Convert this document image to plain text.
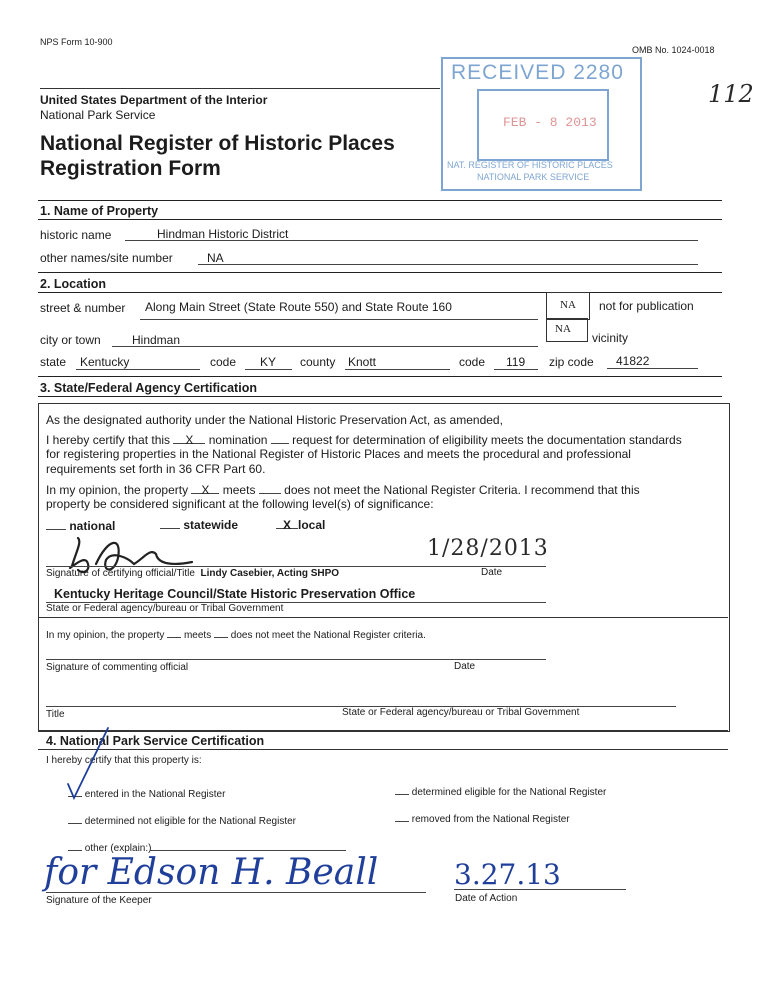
NPS Form 10-900
OMB No. 1024-0018
112
United States Department of the Interior
National Park Service
National Register of Historic Places
Registration Form
RECEIVED 2280
FEB - 8 2013
NAT. REGISTER OF HISTORIC PLACES
NATIONAL PARK SERVICE
1. Name of Property
historic name	Hindman Historic District
other names/site number	NA
2. Location
street & number Along Main Street (State Route 550) and State Route 160	NA	not for publication
city or town	Hindman
NA
vicinity
state Kentucky	code KY county Knott	code 119 zip code 41822
3. State/Federal Agency Certification
As the designated authority under the National Historic Preservation Act, as amended,
I hereby certify that this X nomination request for determination of eligibility meets the documentation standards
for registering properties in the National Register of Historic Places and meets the procedural and professional
requirements set forth in 36 CFR Part 60.
In my opinion, the property X meets does not meet the National Register Criteria. I recommend that this
property be considered significant at the following level(s) of significance:
national	statewide	X local
1/28/2013
Signature of certifying official/Title Lindy Casebier, Acting SHPO	Date
Kentucky Heritage Council/State Historic Preservation Office
State or Federal agency/bureau or Tribal Government
In my opinion, the property meets does not meet the National Register criteria.
Signature of commenting official	Date
Title	State or Federal agency/bureau or Tribal Government
4. National Park Service Certification
I hereby certify that this property is:
entered in the National Register	determined eligible for the National Register
determined not eligible for the National Register	removed from the National Register
other (explain:)
for Edson H. Beall	3.27.13
Signature of the Keeper	Date of Action
